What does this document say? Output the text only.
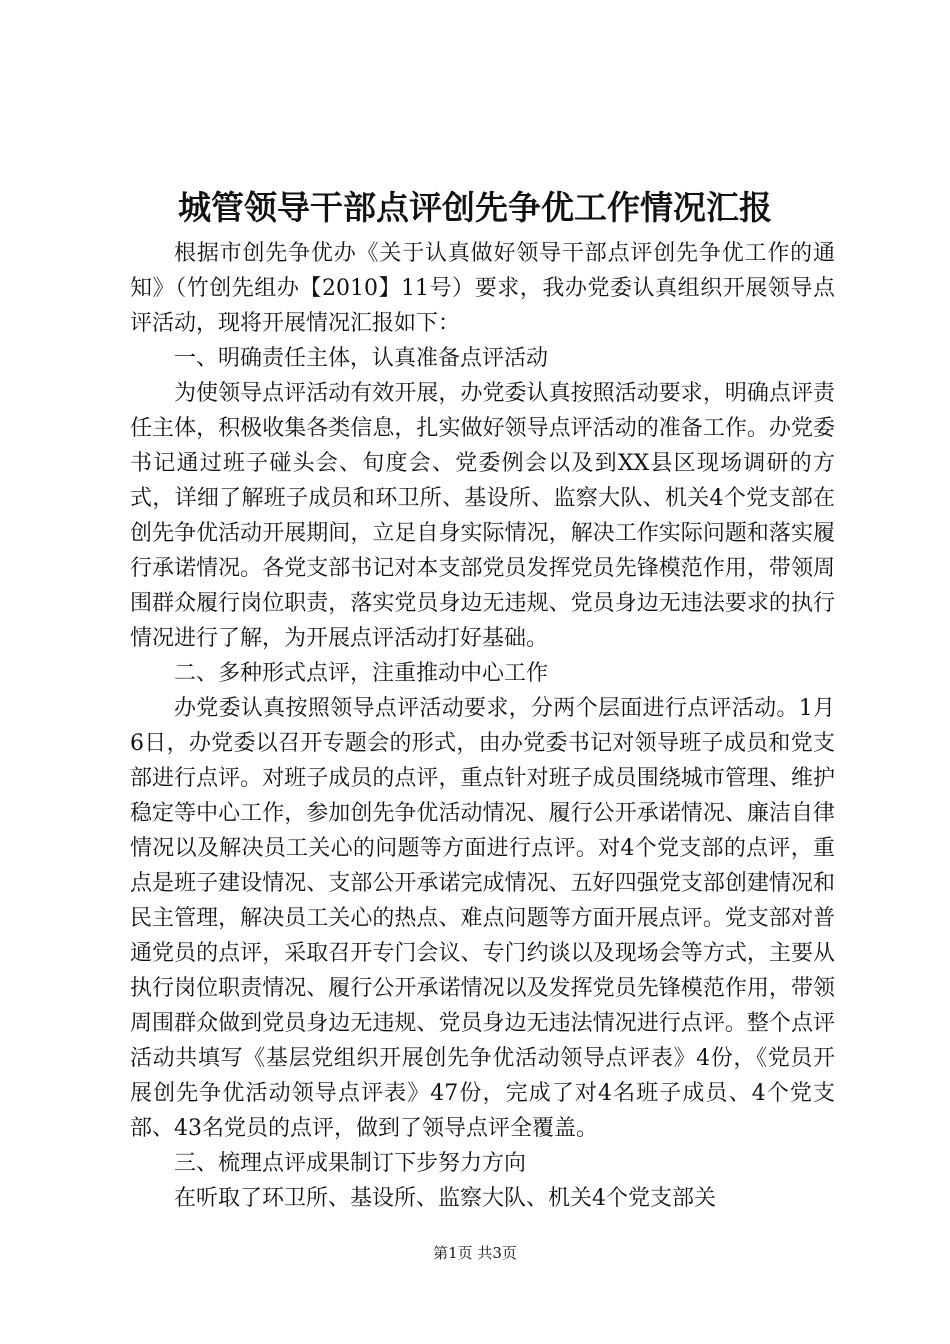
城管领导干部点评创先争优工作情况汇报

根据市创先争优办《关于认真做好领导干部点评创先争优工作的通知》（竹创先组办【2010】11号）要求，我办党委认真组织开展领导点评活动，现将开展情况汇报如下：

一、明确责任主体，认真准备点评活动

为使领导点评活动有效开展，办党委认真按照活动要求，明确点评责任主体，积极收集各类信息，扎实做好领导点评活动的准备工作。办党委书记通过班子碰头会、旬度会、党委例会以及到XX县区现场调研的方式，详细了解班子成员和环卫所、基设所、监察大队、机关4个党支部在创先争优活动开展期间，立足自身实际情况，解决工作实际问题和落实履行承诺情况。各党支部书记对本支部党员发挥党员先锋模范作用，带领周围群众履行岗位职责，落实党员身边无违规、党员身边无违法要求的执行情况进行了解，为开展点评活动打好基础。

二、多种形式点评，注重推动中心工作

办党委认真按照领导点评活动要求，分两个层面进行点评活动。1月6日，办党委以召开专题会的形式，由办党委书记对领导班子成员和党支部进行点评。对班子成员的点评，重点针对班子成员围绕城市管理、维护稳定等中心工作，参加创先争优活动情况、履行公开承诺情况、廉洁自律情况以及解决员工关心的问题等方面进行点评。对4个党支部的点评，重点是班子建设情况、支部公开承诺完成情况、五好四强党支部创建情况和民主管理，解决员工关心的热点、难点问题等方面开展点评。党支部对普通党员的点评，采取召开专门会议、专门约谈以及现场会等方式，主要从执行岗位职责情况、履行公开承诺情况以及发挥党员先锋模范作用，带领周围群众做到党员身边无违规、党员身边无违法情况进行点评。整个点评活动共填写《基层党组织开展创先争优活动领导点评表》4份，《党员开展创先争优活动领导点评表》47份，完成了对4名班子成员、4个党支部、43名党员的点评，做到了领导点评全覆盖。

三、梳理点评成果制订下步努力方向

在听取了环卫所、基设所、监察大队、机关4个党支部关

第1页 共3页
